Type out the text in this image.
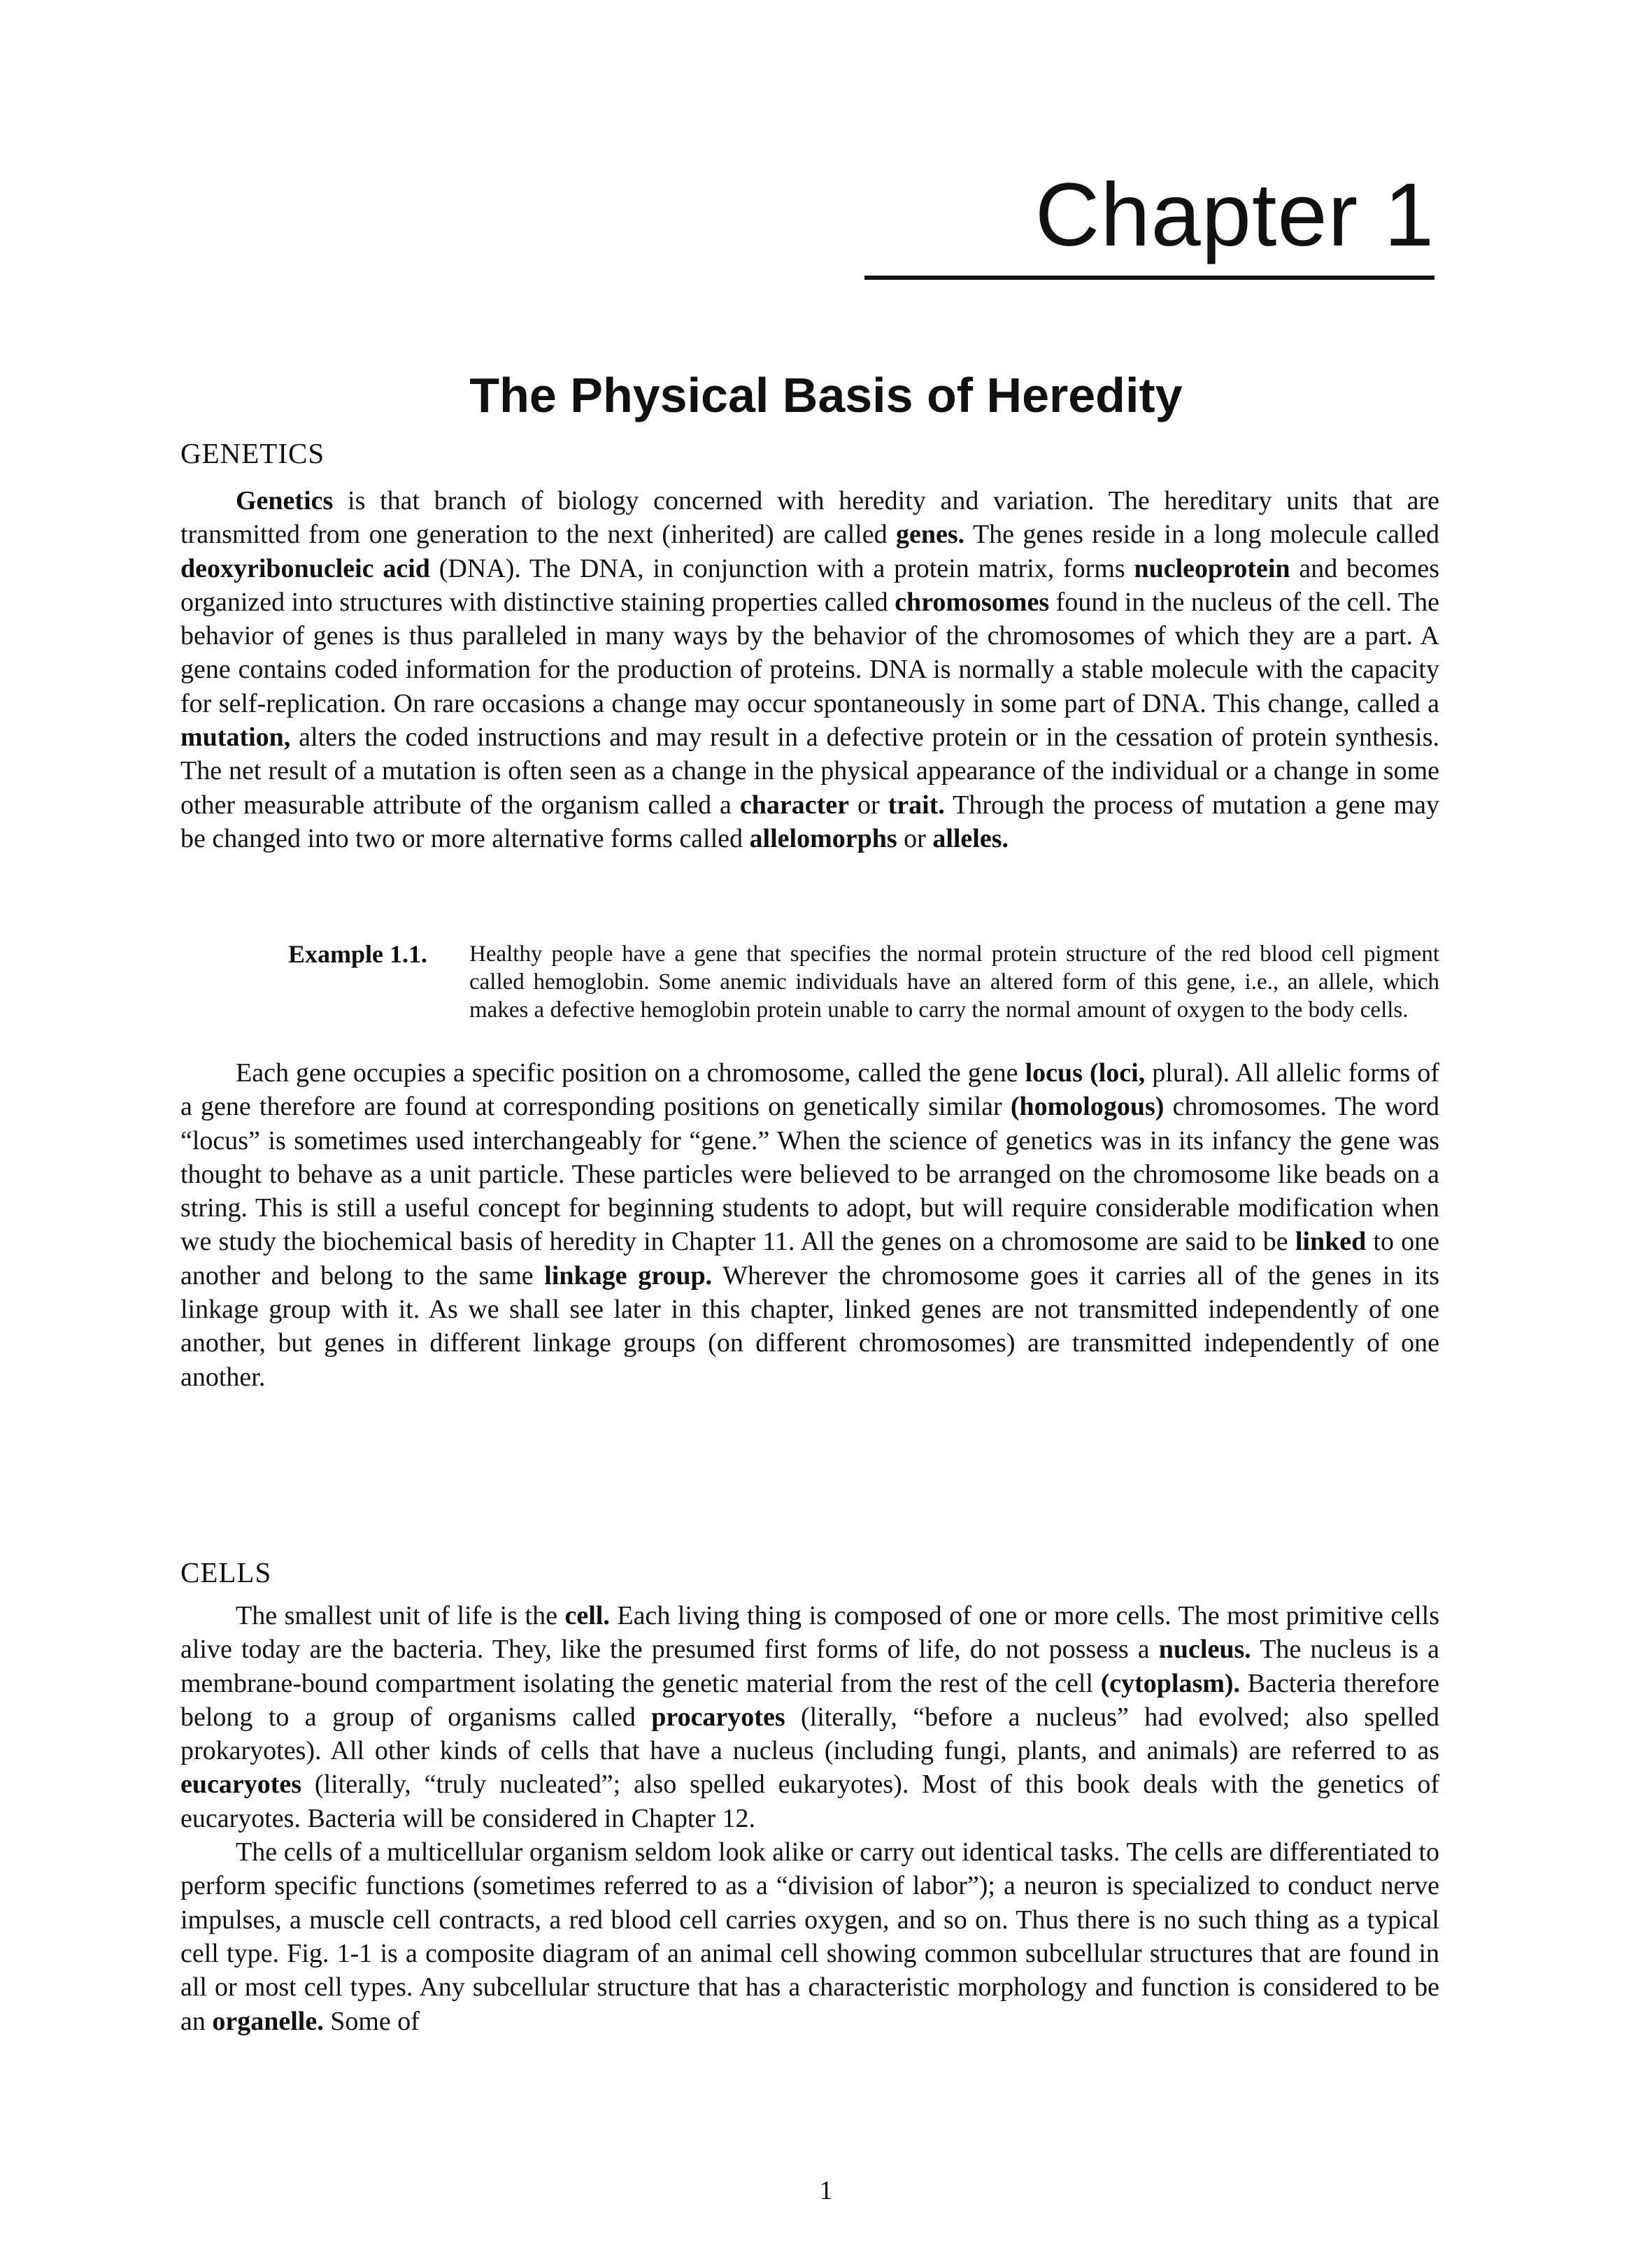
Chapter 1
The Physical Basis of Heredity
GENETICS

Genetics is that branch of biology concerned with heredity and variation. The hereditary units that are transmitted from one generation to the next (inherited) are called genes. The genes reside in a long molecule called deoxyribonucleic acid (DNA). The DNA, in conjunction with a protein matrix, forms nucleoprotein and becomes organized into structures with distinctive staining properties called chromosomes found in the nucleus of the cell. The behavior of genes is thus paralleled in many ways by the behavior of the chromosomes of which they are a part. A gene contains coded information for the production of proteins. DNA is normally a stable molecule with the capacity for self-replication. On rare occasions a change may occur spontaneously in some part of DNA. This change, called a mutation, alters the coded instructions and may result in a defective protein or in the cessation of protein synthesis. The net result of a mutation is often seen as a change in the physical appearance of the individual or a change in some other measurable attribute of the organism called a character or trait. Through the process of mutation a gene may be changed into two or more alternative forms called allelomorphs or alleles.

Example 1.1. Healthy people have a gene that specifies the normal protein structure of the red blood cell pigment called hemoglobin. Some anemic individuals have an altered form of this gene, i.e., an allele, which makes a defective hemoglobin protein unable to carry the normal amount of oxygen to the body cells.

Each gene occupies a specific position on a chromosome, called the gene locus (loci, plural). All allelic forms of a gene therefore are found at corresponding positions on genetically similar (homologous) chromosomes. The word “locus” is sometimes used interchangeably for “gene.” When the science of genetics was in its infancy the gene was thought to behave as a unit particle. These particles were believed to be arranged on the chromosome like beads on a string. This is still a useful concept for beginning students to adopt, but will require considerable modification when we study the biochemical basis of heredity in Chapter 11. All the genes on a chromosome are said to be linked to one another and belong to the same linkage group. Wherever the chromosome goes it carries all of the genes in its linkage group with it. As we shall see later in this chapter, linked genes are not transmitted independently of one another, but genes in different linkage groups (on different chromosomes) are transmitted independently of one another.

CELLS

The smallest unit of life is the cell. Each living thing is composed of one or more cells. The most primitive cells alive today are the bacteria. They, like the presumed first forms of life, do not possess a nucleus. The nucleus is a membrane-bound compartment isolating the genetic material from the rest of the cell (cytoplasm). Bacteria therefore belong to a group of organisms called procaryotes (literally, “before a nucleus” had evolved; also spelled prokaryotes). All other kinds of cells that have a nucleus (including fungi, plants, and animals) are referred to as eucaryotes (literally, “truly nucleated”; also spelled eukaryotes). Most of this book deals with the genetics of eucaryotes. Bacteria will be considered in Chapter 12.

The cells of a multicellular organism seldom look alike or carry out identical tasks. The cells are differentiated to perform specific functions (sometimes referred to as a “division of labor”); a neuron is specialized to conduct nerve impulses, a muscle cell contracts, a red blood cell carries oxygen, and so on. Thus there is no such thing as a typical cell type. Fig. 1-1 is a composite diagram of an animal cell showing common subcellular structures that are found in all or most cell types. Any subcellular structure that has a characteristic morphology and function is considered to be an organelle. Some of

1
